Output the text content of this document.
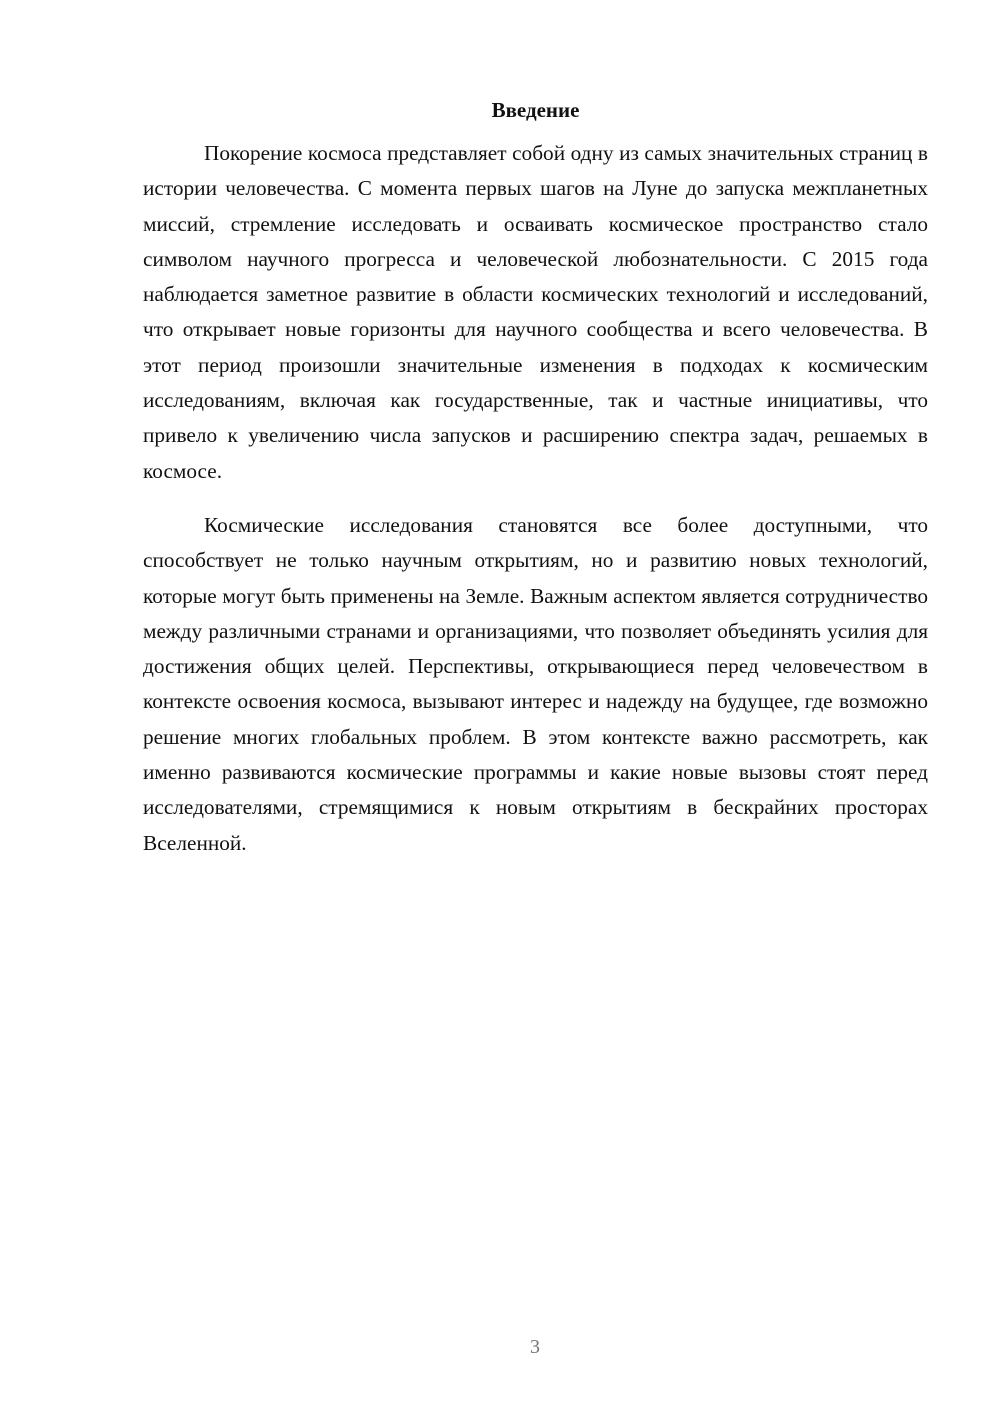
Введение

Покорение космоса представляет собой одну из самых значительных страниц в истории человечества. С момента первых шагов на Луне до запуска межпланетных миссий, стремление исследовать и осваивать космическое пространство стало символом научного прогресса и человеческой любознательности. С 2015 года наблюдается заметное развитие в области космических технологий и исследований, что открывает новые горизонты для научного сообщества и всего человечества. В этот период произошли значительные изменения в подходах к космическим исследованиям, включая как государственные, так и частные инициативы, что привело к увеличению числа запусков и расширению спектра задач, решаемых в космосе.

Космические исследования становятся все более доступными, что способствует не только научным открытиям, но и развитию новых технологий, которые могут быть применены на Земле. Важным аспектом является сотрудничество между различными странами и организациями, что позволяет объединять усилия для достижения общих целей. Перспективы, открывающиеся перед человечеством в контексте освоения космоса, вызывают интерес и надежду на будущее, где возможно решение многих глобальных проблем. В этом контексте важно рассмотреть, как именно развиваются космические программы и какие новые вызовы стоят перед исследователями, стремящимися к новым открытиям в бескрайних просторах Вселенной.

3
